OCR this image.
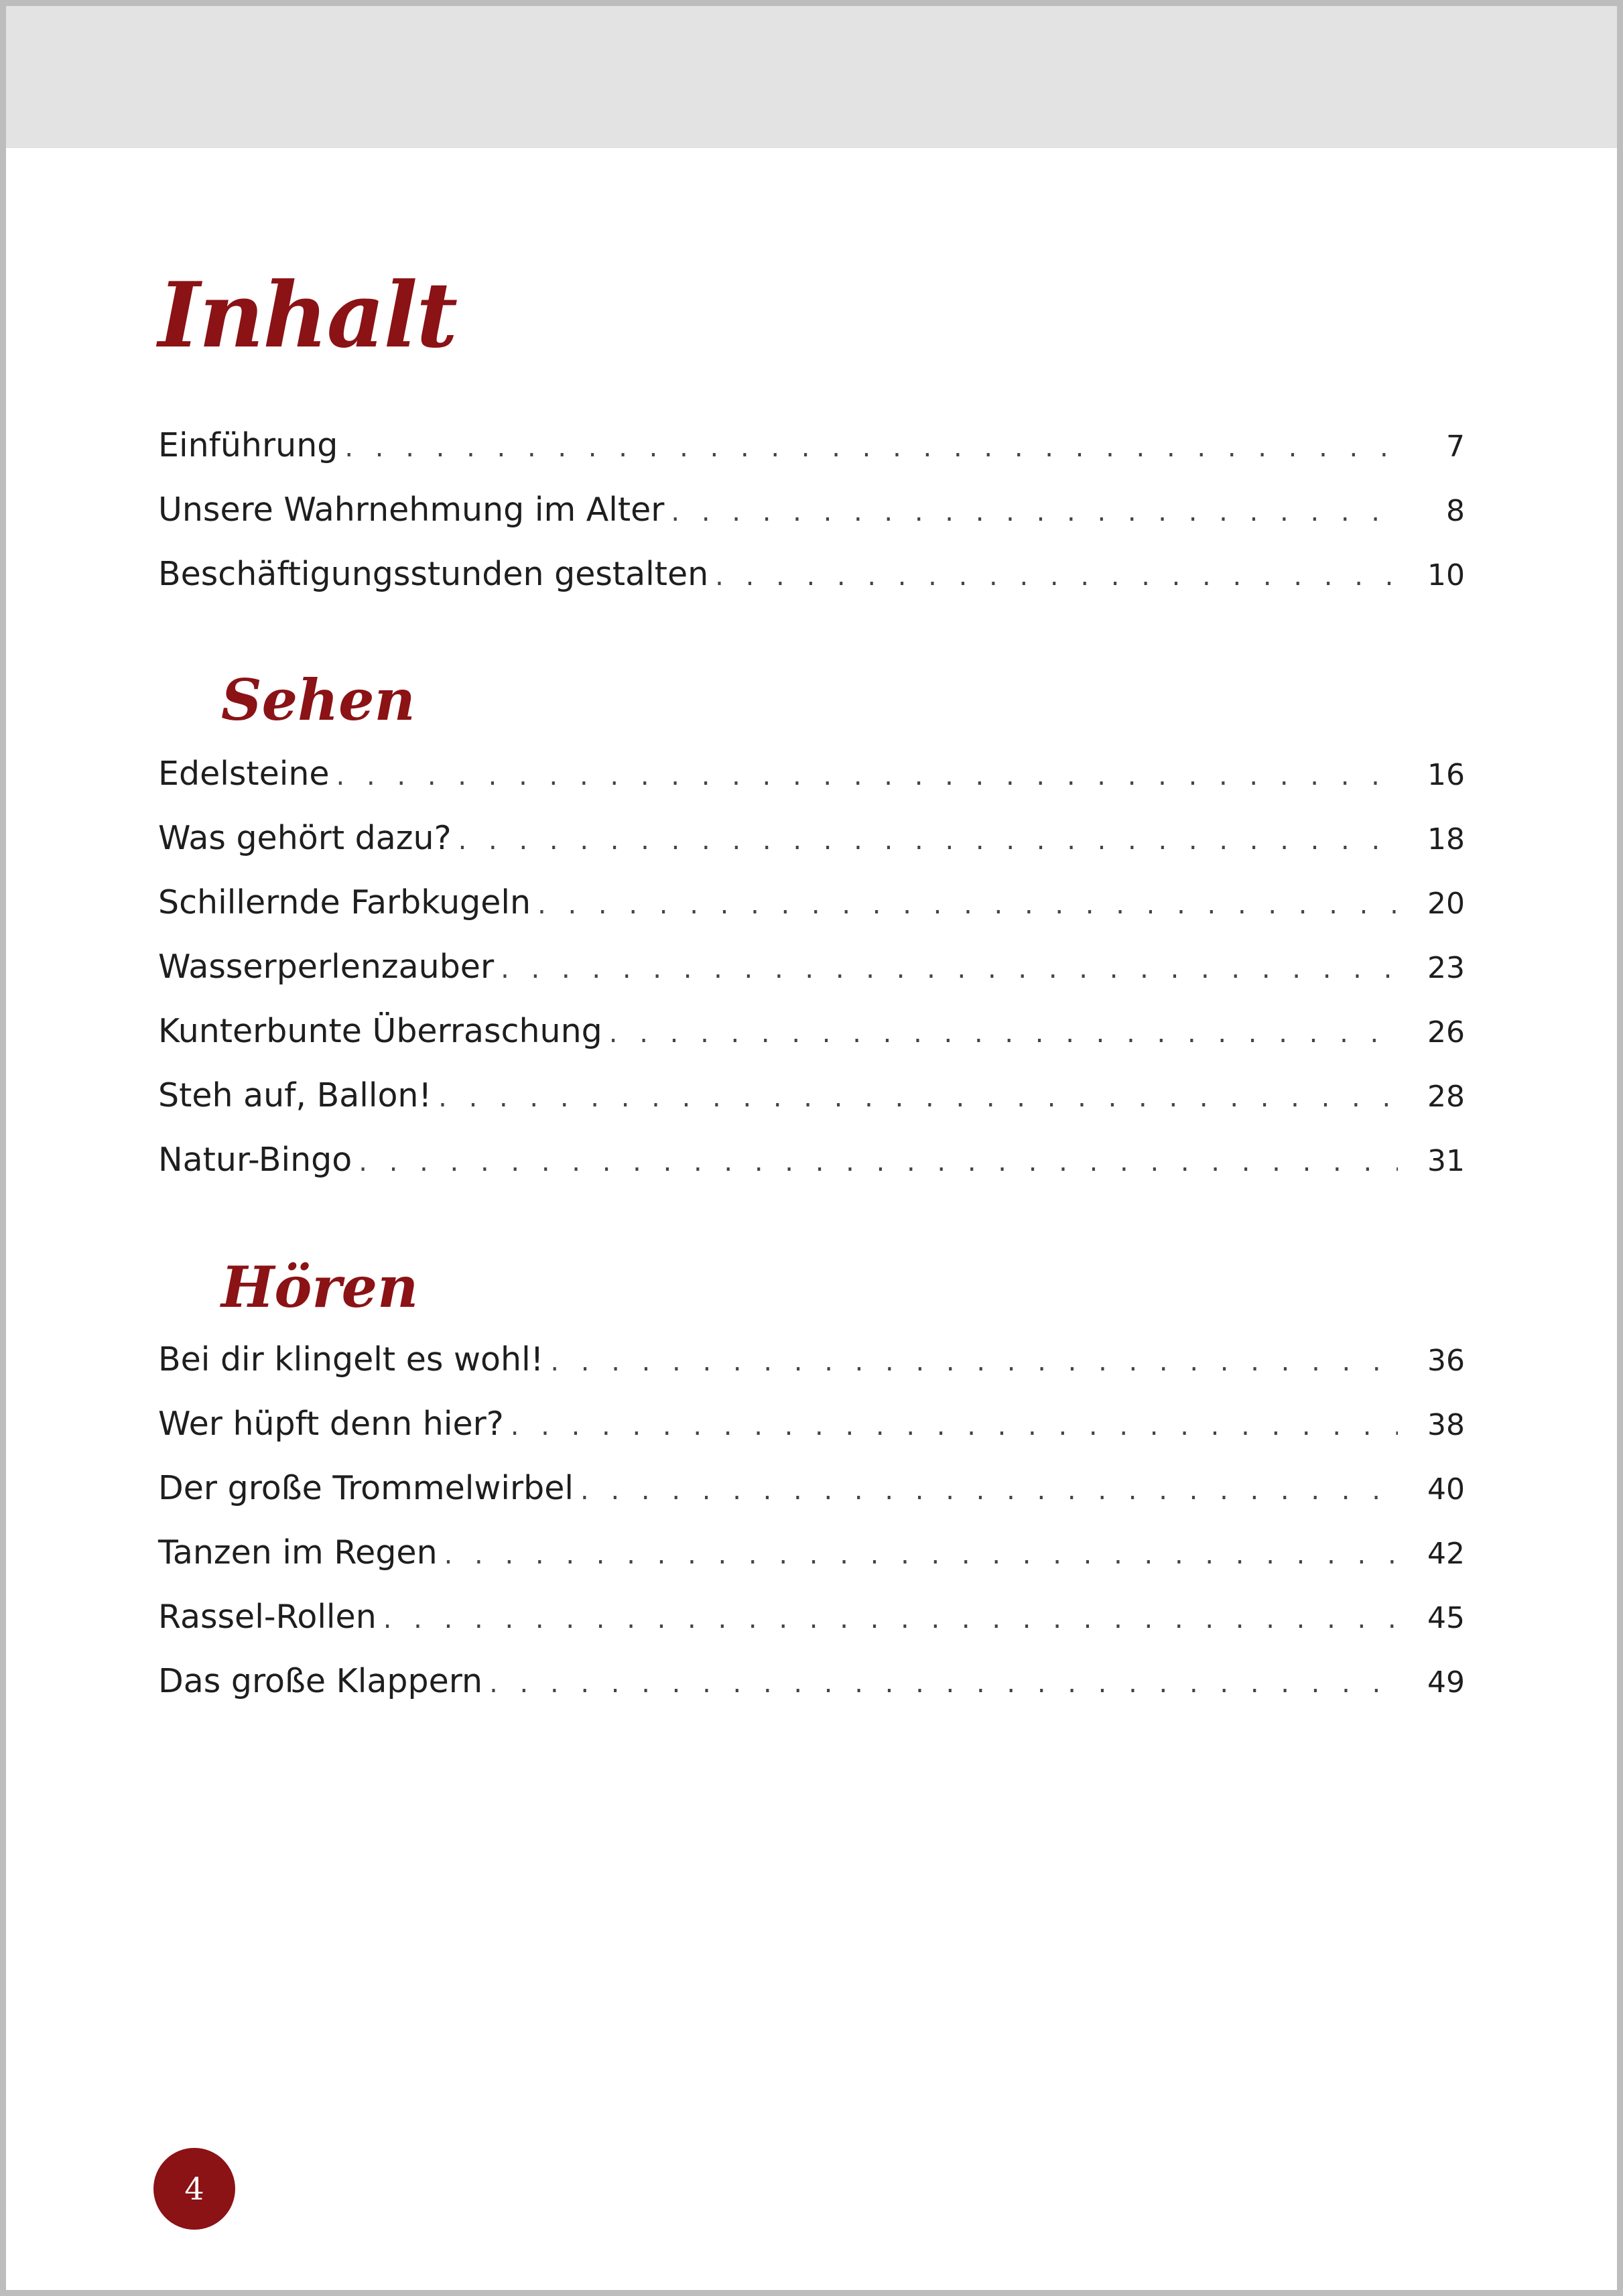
Inhalt
Einführung . . .	7
Unsere Wahrnehmung im Alter . . .	8
Beschäftigungsstunden gestalten . . .	10
Sehen
Edelsteine . . .	16
Was gehört dazu? . . .	18
Schillernde Farbkugeln . . .	20
Wasserperlenzauber . . .	23
Kunterbunte Überraschung . . .	26
Steh auf, Ballon! . . .	28
Natur-Bingo . . .	31
Hören
Bei dir klingelt es wohl! . . .	36
Wer hüpft denn hier? . . .	38
Der große Trommelwirbel . . .	40
Tanzen im Regen . . .	42
Rassel-Rollen . . .	45
Das große Klappern . . .	49
4
